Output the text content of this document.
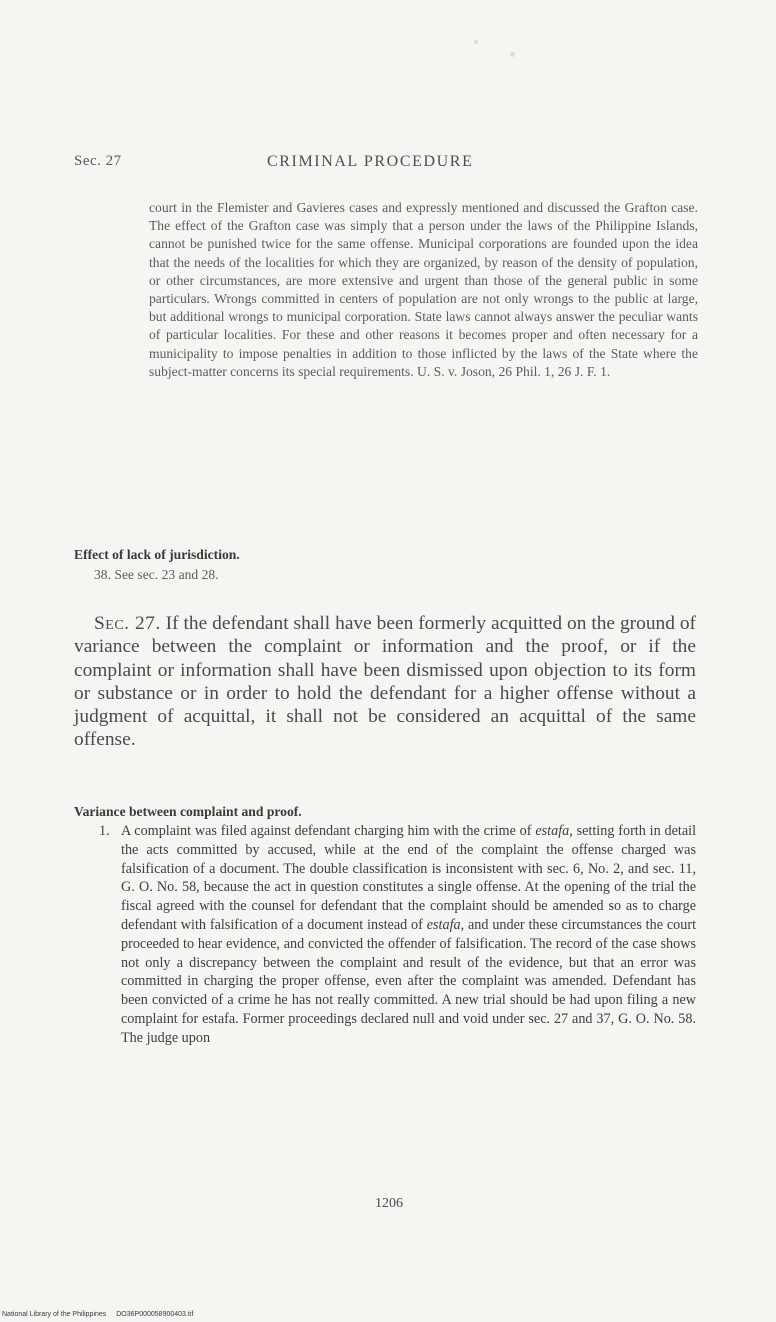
Sec. 27	CRIMINAL PROCEDURE

court in the Flemister and Gavieres cases and expressly mentioned and discussed the Grafton case. The effect of the Grafton case was simply that a person under the laws of the Philippine Islands, cannot be punished twice for the same offense. Municipal corporations are founded upon the idea that the needs of the localities for which they are organized, by reason of the density of population, or other circumstances, are more extensive and urgent than those of the general public in some particulars. Wrongs committed in centers of population are not only wrongs to the public at large, but additional wrongs to municipal corporation. State laws cannot always answer the peculiar wants of particular localities. For these and other reasons it becomes proper and often necessary for a municipality to impose penalties in addition to those inflicted by the laws of the State where the subject-matter concerns its special requirements. U. S. v. Joson, 26 Phil. 1, 26 J. F. 1.

Effect of lack of jurisdiction.
38. See sec. 23 and 28.

Sec. 27. If the defendant shall have been formerly acquitted on the ground of variance between the complaint or information and the proof, or if the complaint or information shall have been dismissed upon objection to its form or substance or in order to hold the defendant for a higher offense without a judgment of acquittal, it shall not be considered an acquittal of the same offense.

Variance between complaint and proof.
1. A complaint was filed against defendant charging him with the crime of estafa, setting forth in detail the acts committed by accused, while at the end of the complaint the offense charged was falsification of a document. The double classification is inconsistent with sec. 6, No. 2, and sec. 11, G. O. No. 58, because the act in question constitutes a single offense. At the opening of the trial the fiscal agreed with the counsel for defendant that the complaint should be amended so as to charge defendant with falsification of a document instead of estafa, and under these circumstances the court proceeded to hear evidence, and convicted the offender of falsification. The record of the case shows not only a discrepancy between the complaint and result of the evidence, but that an error was committed in charging the proper offense, even after the complaint was amended. Defendant has been convicted of a crime he has not really committed. A new trial should be had upon filing a new complaint for estafa. Former proceedings declared null and void under sec. 27 and 37, G. O. No. 58. The judge upon
1206
National Library of the Philippines DO36P000058900403.tif
